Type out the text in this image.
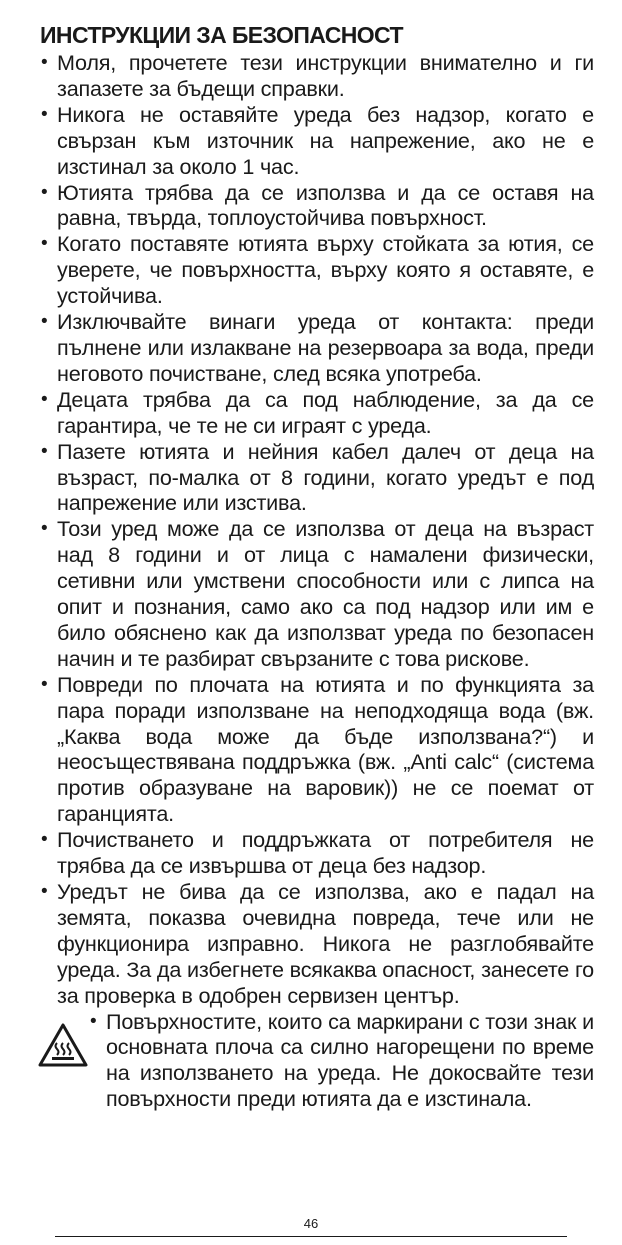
ИНСТРУКЦИИ ЗА БЕЗОПАСНОСТ
• Моля, прочетете тези инструкции внимателно и ги запазете за бъдещи справки.
• Никога не оставяйте уреда без надзор, когато е свързан към източник на напрежение, ако не е изстинал за около 1 час.
• Ютията трябва да се използва и да се оставя на равна, твърда, топлоустойчива повърхност.
• Когато поставяте ютията върху стойката за ютия, се уверете, че повърхността, върху която я оставяте, е устойчива.
• Изключвайте винаги уреда от контакта: преди пълнене или излакване на резервоара за вода, преди неговото почистване, след всяка употреба.
• Децата трябва да са под наблюдение, за да се гарантира, че те не си играят с уреда.
• Пазете ютията и нейния кабел далеч от деца на възраст, по-малка от 8 години, когато уредът е под напрежение или изстива.
• Този уред може да се използва от деца на възраст над 8 години и от лица с намалени физически, сетивни или умствени способности или с липса на опит и познания, само ако са под надзор или им е било обяснено как да използват уреда по безопасен начин и те разбират свързаните с това рискове.
• Повреди по плочата на ютията и по функцията за пара поради използване на неподходяща вода (вж. „Каква вода може да бъде използвана?“) и неосъществявана поддръжка (вж. „Anti calc“ (система против образуване на варовик)) не се поемат от гаранцията.
• Почистването и поддръжката от потребителя не трябва да се извършва от деца без надзор.
• Уредът не бива да се използва, ако е падал на земята, показва очевидна повреда, тече или не функционира изправно. Никога не разглобявайте уреда. За да избегнете всякаква опасност, занесете го за проверка в одобрен сервизен център.
• Повърхностите, които са маркирани с този знак и основната плоча са силно нагорещени по време на използването на уреда. Не докосвайте тези повърхности преди ютията да е изстинала.
46
